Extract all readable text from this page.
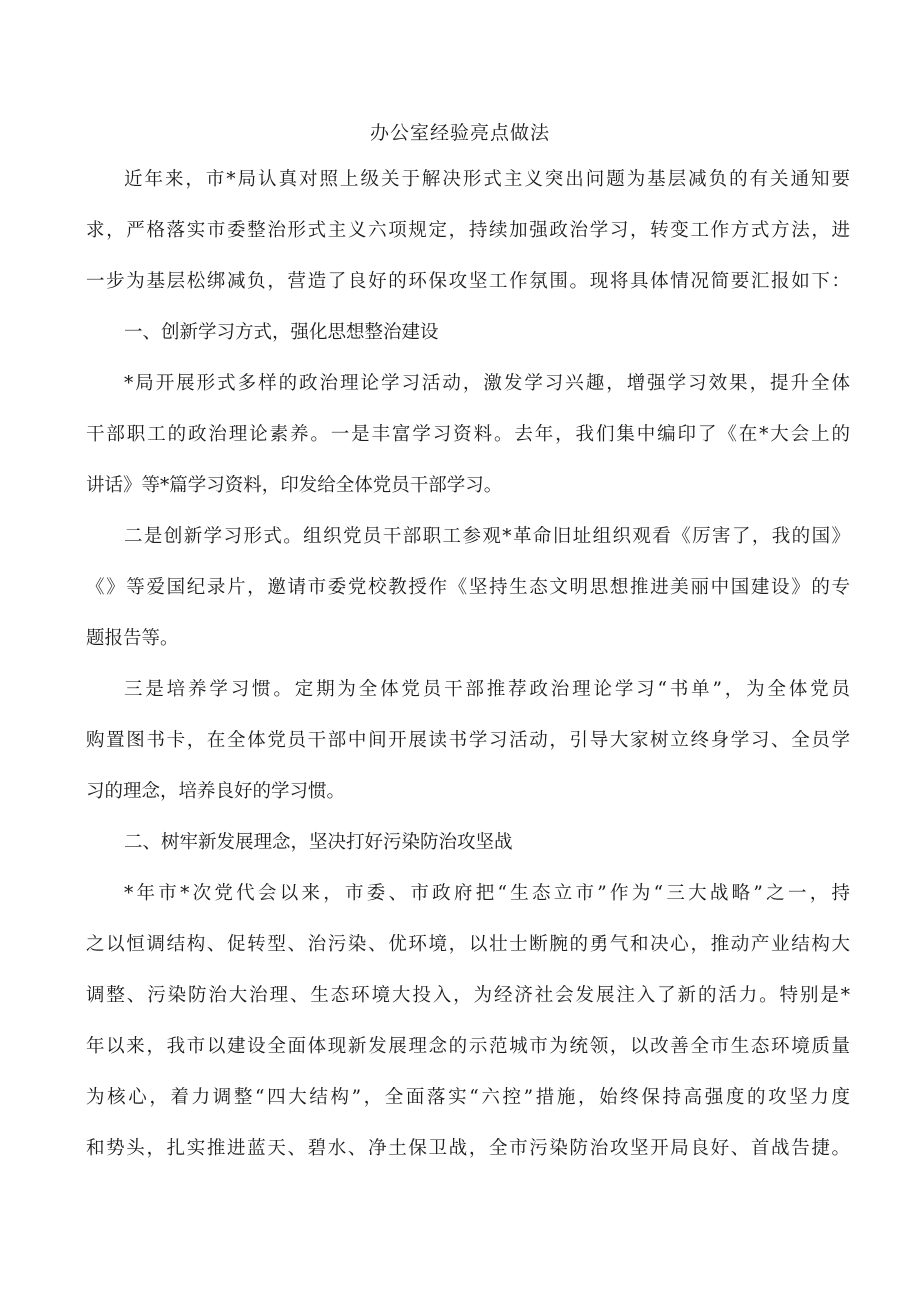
办公室经验亮点做法
近年来，市*局认真对照上级关于解决形式主义突出问题为基层减负的有关通知要
求，严格落实市委整治形式主义六项规定，持续加强政治学习，转变工作方式方法，进
一步为基层松绑减负，营造了良好的环保攻坚工作氛围。现将具体情况简要汇报如下：
一、创新学习方式，强化思想整治建设
*局开展形式多样的政治理论学习活动，激发学习兴趣，增强学习效果，提升全体
干部职工的政治理论素养。一是丰富学习资料。去年，我们集中编印了《在*大会上的
讲话》等*篇学习资料，印发给全体党员干部学习。
二是创新学习形式。组织党员干部职工参观*革命旧址组织观看《厉害了，我的国》
《》等爱国纪录片，邀请市委党校教授作《坚持生态文明思想推进美丽中国建设》的专
题报告等。
三是培养学习惯。定期为全体党员干部推荐政治理论学习“书单”，为全体党员
购置图书卡，在全体党员干部中间开展读书学习活动，引导大家树立终身学习、全员学
习的理念，培养良好的学习惯。
二、树牢新发展理念，坚决打好污染防治攻坚战
*年市*次党代会以来，市委、市政府把“生态立市”作为“三大战略”之一，持
之以恒调结构、促转型、治污染、优环境，以壮士断腕的勇气和决心，推动产业结构大
调整、污染防治大治理、生态环境大投入，为经济社会发展注入了新的活力。特别是*
年以来，我市以建设全面体现新发展理念的示范城市为统领，以改善全市生态环境质量
为核心，着力调整“四大结构”，全面落实“六控”措施，始终保持高强度的攻坚力度
和势头，扎实推进蓝天、碧水、净土保卫战，全市污染防治攻坚开局良好、首战告捷。
